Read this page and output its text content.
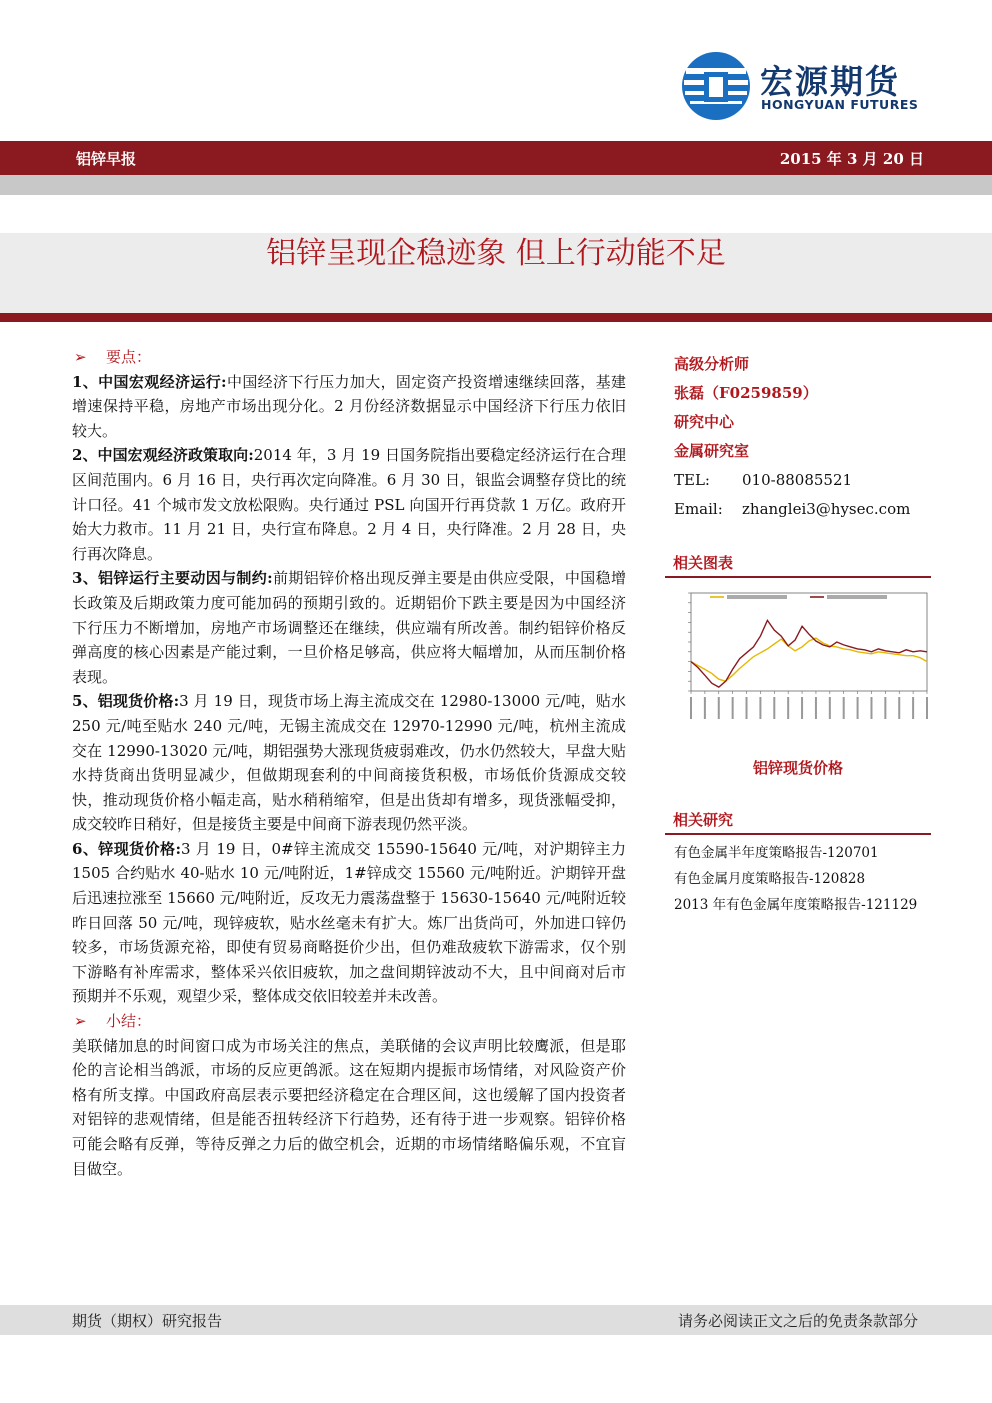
宏源期货
HONGYUAN FUTURES
铝锌早报	2015 年 3 月 20 日
铝锌呈现企稳迹象 但上行动能不足

➢ 要点：

1、中国宏观经济运行:中国经济下行压力加大，固定资产投资增速继续回落，基建增速保持平稳，房地产市场出现分化。2 月份经济数据显示中国经济下行压力依旧较大。

2、中国宏观经济政策取向:2014 年，3 月 19 日国务院指出要稳定经济运行在合理区间范围内。6 月 16 日，央行再次定向降准。6 月 30 日，银监会调整存贷比的统计口径。41 个城市发文放松限购。央行通过 PSL 向国开行再贷款 1 万亿。政府开始大力救市。11 月 21 日，央行宣布降息。2 月 4 日，央行降准。2 月 28 日，央行再次降息。

3、铝锌运行主要动因与制约:前期铝锌价格出现反弹主要是由供应受限，中国稳增长政策及后期政策力度可能加码的预期引致的。近期铝价下跌主要是因为中国经济下行压力不断增加，房地产市场调整还在继续，供应端有所改善。制约铝锌价格反弹高度的核心因素是产能过剩，一旦价格足够高，供应将大幅增加，从而压制价格表现。

5、铝现货价格:3 月 19 日，现货市场上海主流成交在 12980-13000 元/吨，贴水 250 元/吨至贴水 240 元/吨，无锡主流成交在 12970-12990 元/吨，杭州主流成交在 12990-13020 元/吨，期铝强势大涨现货疲弱难改，仍水仍然较大，早盘大贴水持货商出货明显减少，但做期现套利的中间商接货积极，市场低价货源成交较快，推动现货价格小幅走高，贴水稍稍缩窄，但是出货却有增多，现货涨幅受抑，成交较昨日稍好，但是接货主要是中间商下游表现仍然平淡。

6、锌现货价格:3 月 19 日，0#锌主流成交 15590-15640 元/吨，对沪期锌主力 1505 合约贴水 40-贴水 10 元/吨附近，1#锌成交 15560 元/吨附近。沪期锌开盘后迅速拉涨至 15660 元/吨附近，反攻无力震荡盘整于 15630-15640 元/吨附近较昨日回落 50 元/吨，现锌疲软，贴水丝毫未有扩大。炼厂出货尚可，外加进口锌仍较多，市场货源充裕，即使有贸易商略挺价少出，但仍难敌疲软下游需求，仅个别下游略有补库需求，整体采兴依旧疲软，加之盘间期锌波动不大，且中间商对后市预期并不乐观，观望少采，整体成交依旧较差并未改善。

➢ 小结：

美联储加息的时间窗口成为市场关注的焦点，美联储的会议声明比较鹰派，但是耶伦的言论相当鸽派，市场的反应更鸽派。这在短期内提振市场情绪，对风险资产价格有所支撑。中国政府高层表示要把经济稳定在合理区间，这也缓解了国内投资者对铝锌的悲观情绪，但是能否扭转经济下行趋势，还有待于进一步观察。铝锌价格可能会略有反弹，等待反弹之力后的做空机会，近期的市场情绪略偏乐观，不宜盲目做空。

高级分析师
张磊（F0259859）
研究中心
金属研究室
TEL:	010-88085521
Email:	zhanglei3@hysec.com
相关图表
铝锌现货价格
相关研究
有色金属半年度策略报告-120701
有色金属月度策略报告-120828
2013 年有色金属年度策略报告-121129
期货（期权）研究报告	请务必阅读正文之后的免责条款部分
